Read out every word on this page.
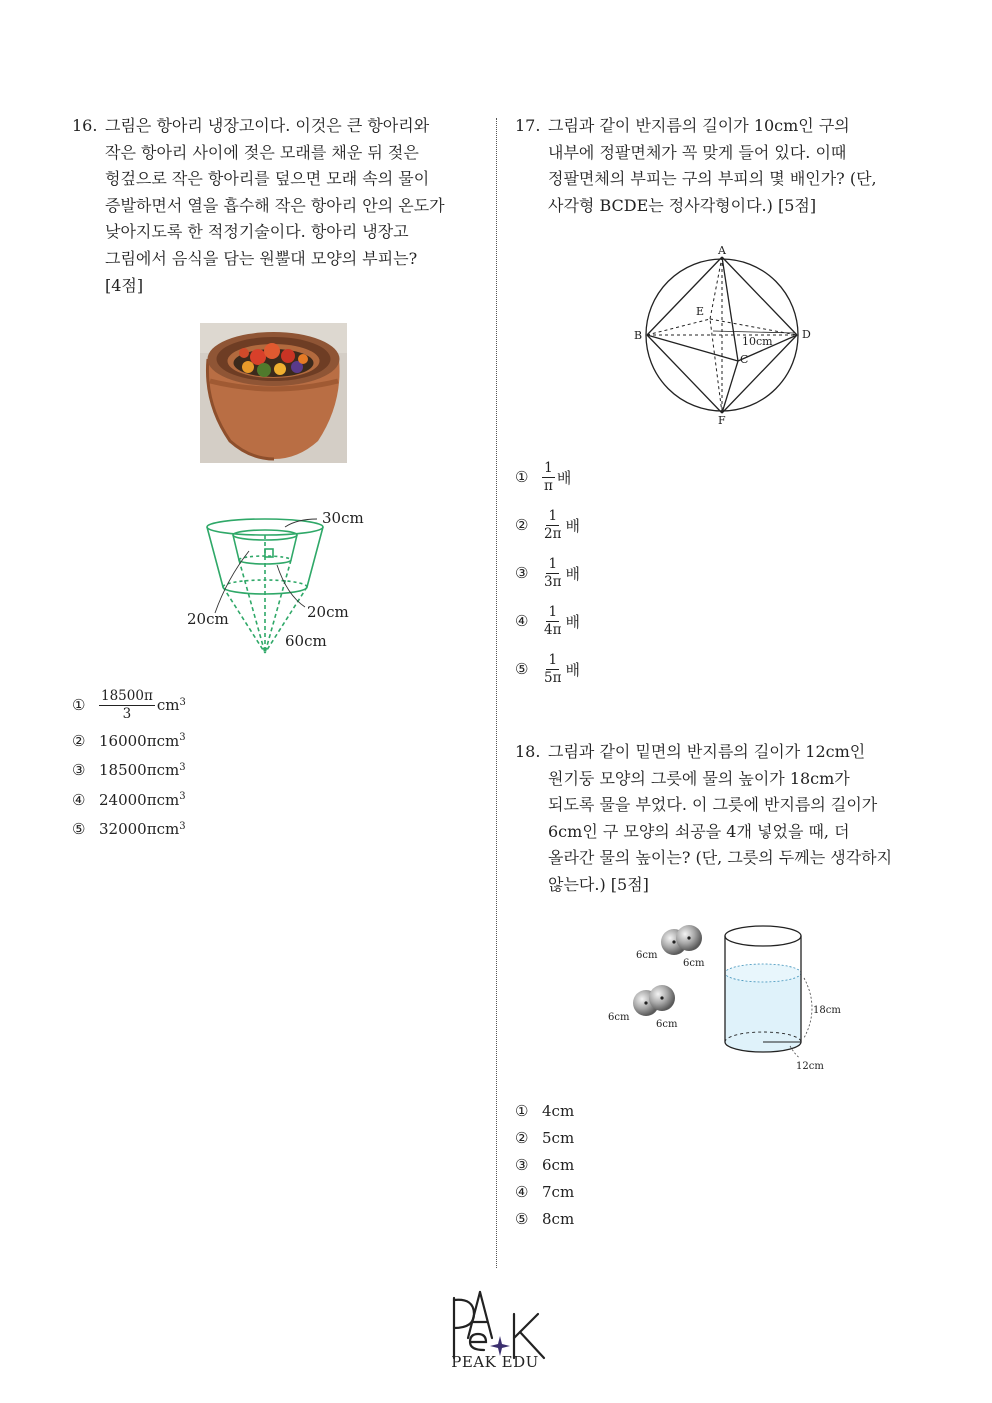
16. 그림은 항아리 냉장고이다. 이것은 큰 항아리와
작은 항아리 사이에 젖은 모래를 채운 뒤 젖은
헝겊으로 작은 항아리를 덮으면 모래 속의 물이
증발하면서 열을 흡수해 작은 항아리 안의 온도가
낮아지도록 한 적정기술이다. 항아리 냉장고
그림에서 음식을 담는 원뿔대 모양의 부피는?
[4점]
30cm
20cm	20cm
60cm
①	$\frac{18500\pi}{3} cm^3$
② 16000πcm$^3$
③ 18500πcm$^3$
④ 24000πcm$^3$
⑤ 32000πcm$^3$
17. 그림과 같이 반지름의 길이가 10cm인 구의
내부에 정팔면체가 꼭 맞게 들어 있다. 이때
정팔면체의 부피는 구의 부피의 몇 배인가? (단,
사각형 BCDE는 정사각형이다.) [5점]
A
B
C
D
E
F
10cm
①	$\frac{1}{\pi}$ 배
②	$\frac{1}{2\pi}$ 배
③	$\frac{1}{3\pi}$ 배
④	$\frac{1}{4\pi}$ 배
⑤	$\frac{1}{5\pi}$ 배
18. 그림과 같이 밑면의 반지름의 길이가 12cm인
원기둥 모양의 그릇에 물의 높이가 18cm가
되도록 물을 부었다. 이 그릇에 반지름의 길이가
6cm인 구 모양의 쇠공을 4개 넣었을 때, 더
올라간 물의 높이는? (단, 그릇의 두께는 생각하지
않는다.) [5점]
6cm
6cm
6cm
6cm
18cm
12cm
① 4cm
② 5cm
③ 6cm
④ 7cm
⑤ 8cm
PEAK EDU
